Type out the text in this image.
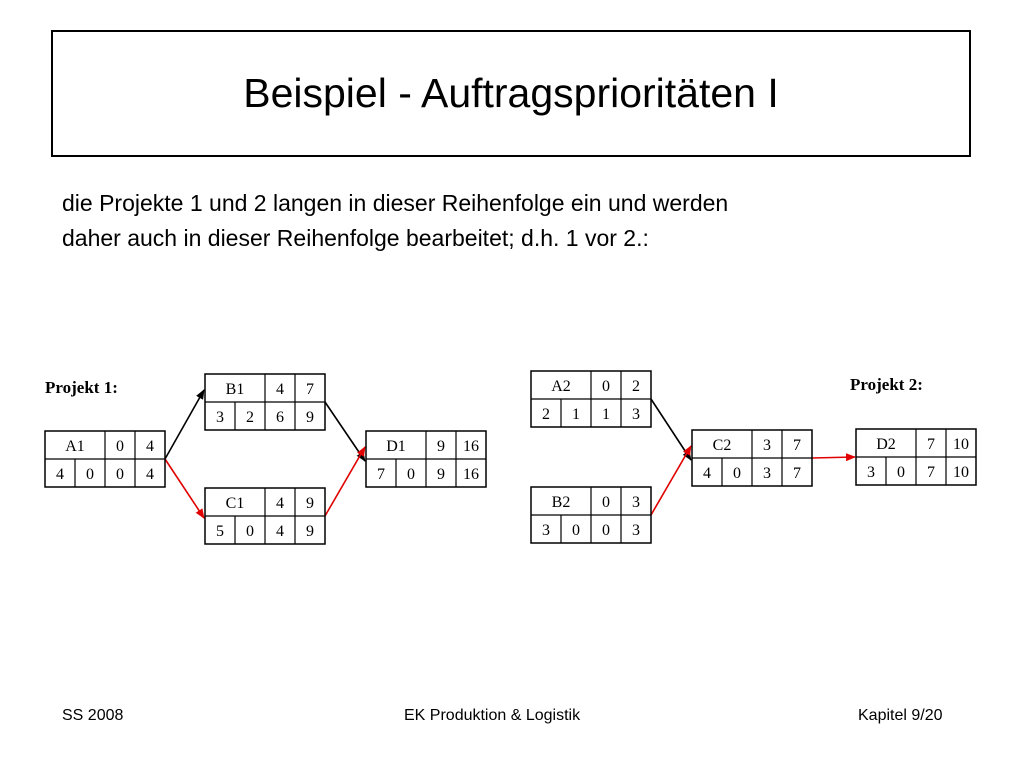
Beispiel - Auftragsprioritäten I

die Projekte 1 und 2 langen in dieser Reihenfolge ein und werden
daher auch in dieser Reihenfolge bearbeitet; d.h. 1 vor 2.:

Projekt 1:	Projekt 2:
A1 0 4
4 0 0 4
B1 4 7
3 2 6 9
C1 4 9
5 0 4 9
D1 9 16
7 0 9 16
A2 0 2
2 1 1 3
B2 0 3
3 0 0 3
C2 3 7
4 0 3 7
D2 7 10
3 0 7 10
SS 2008	EK Produktion & Logistik	Kapitel 9/20
